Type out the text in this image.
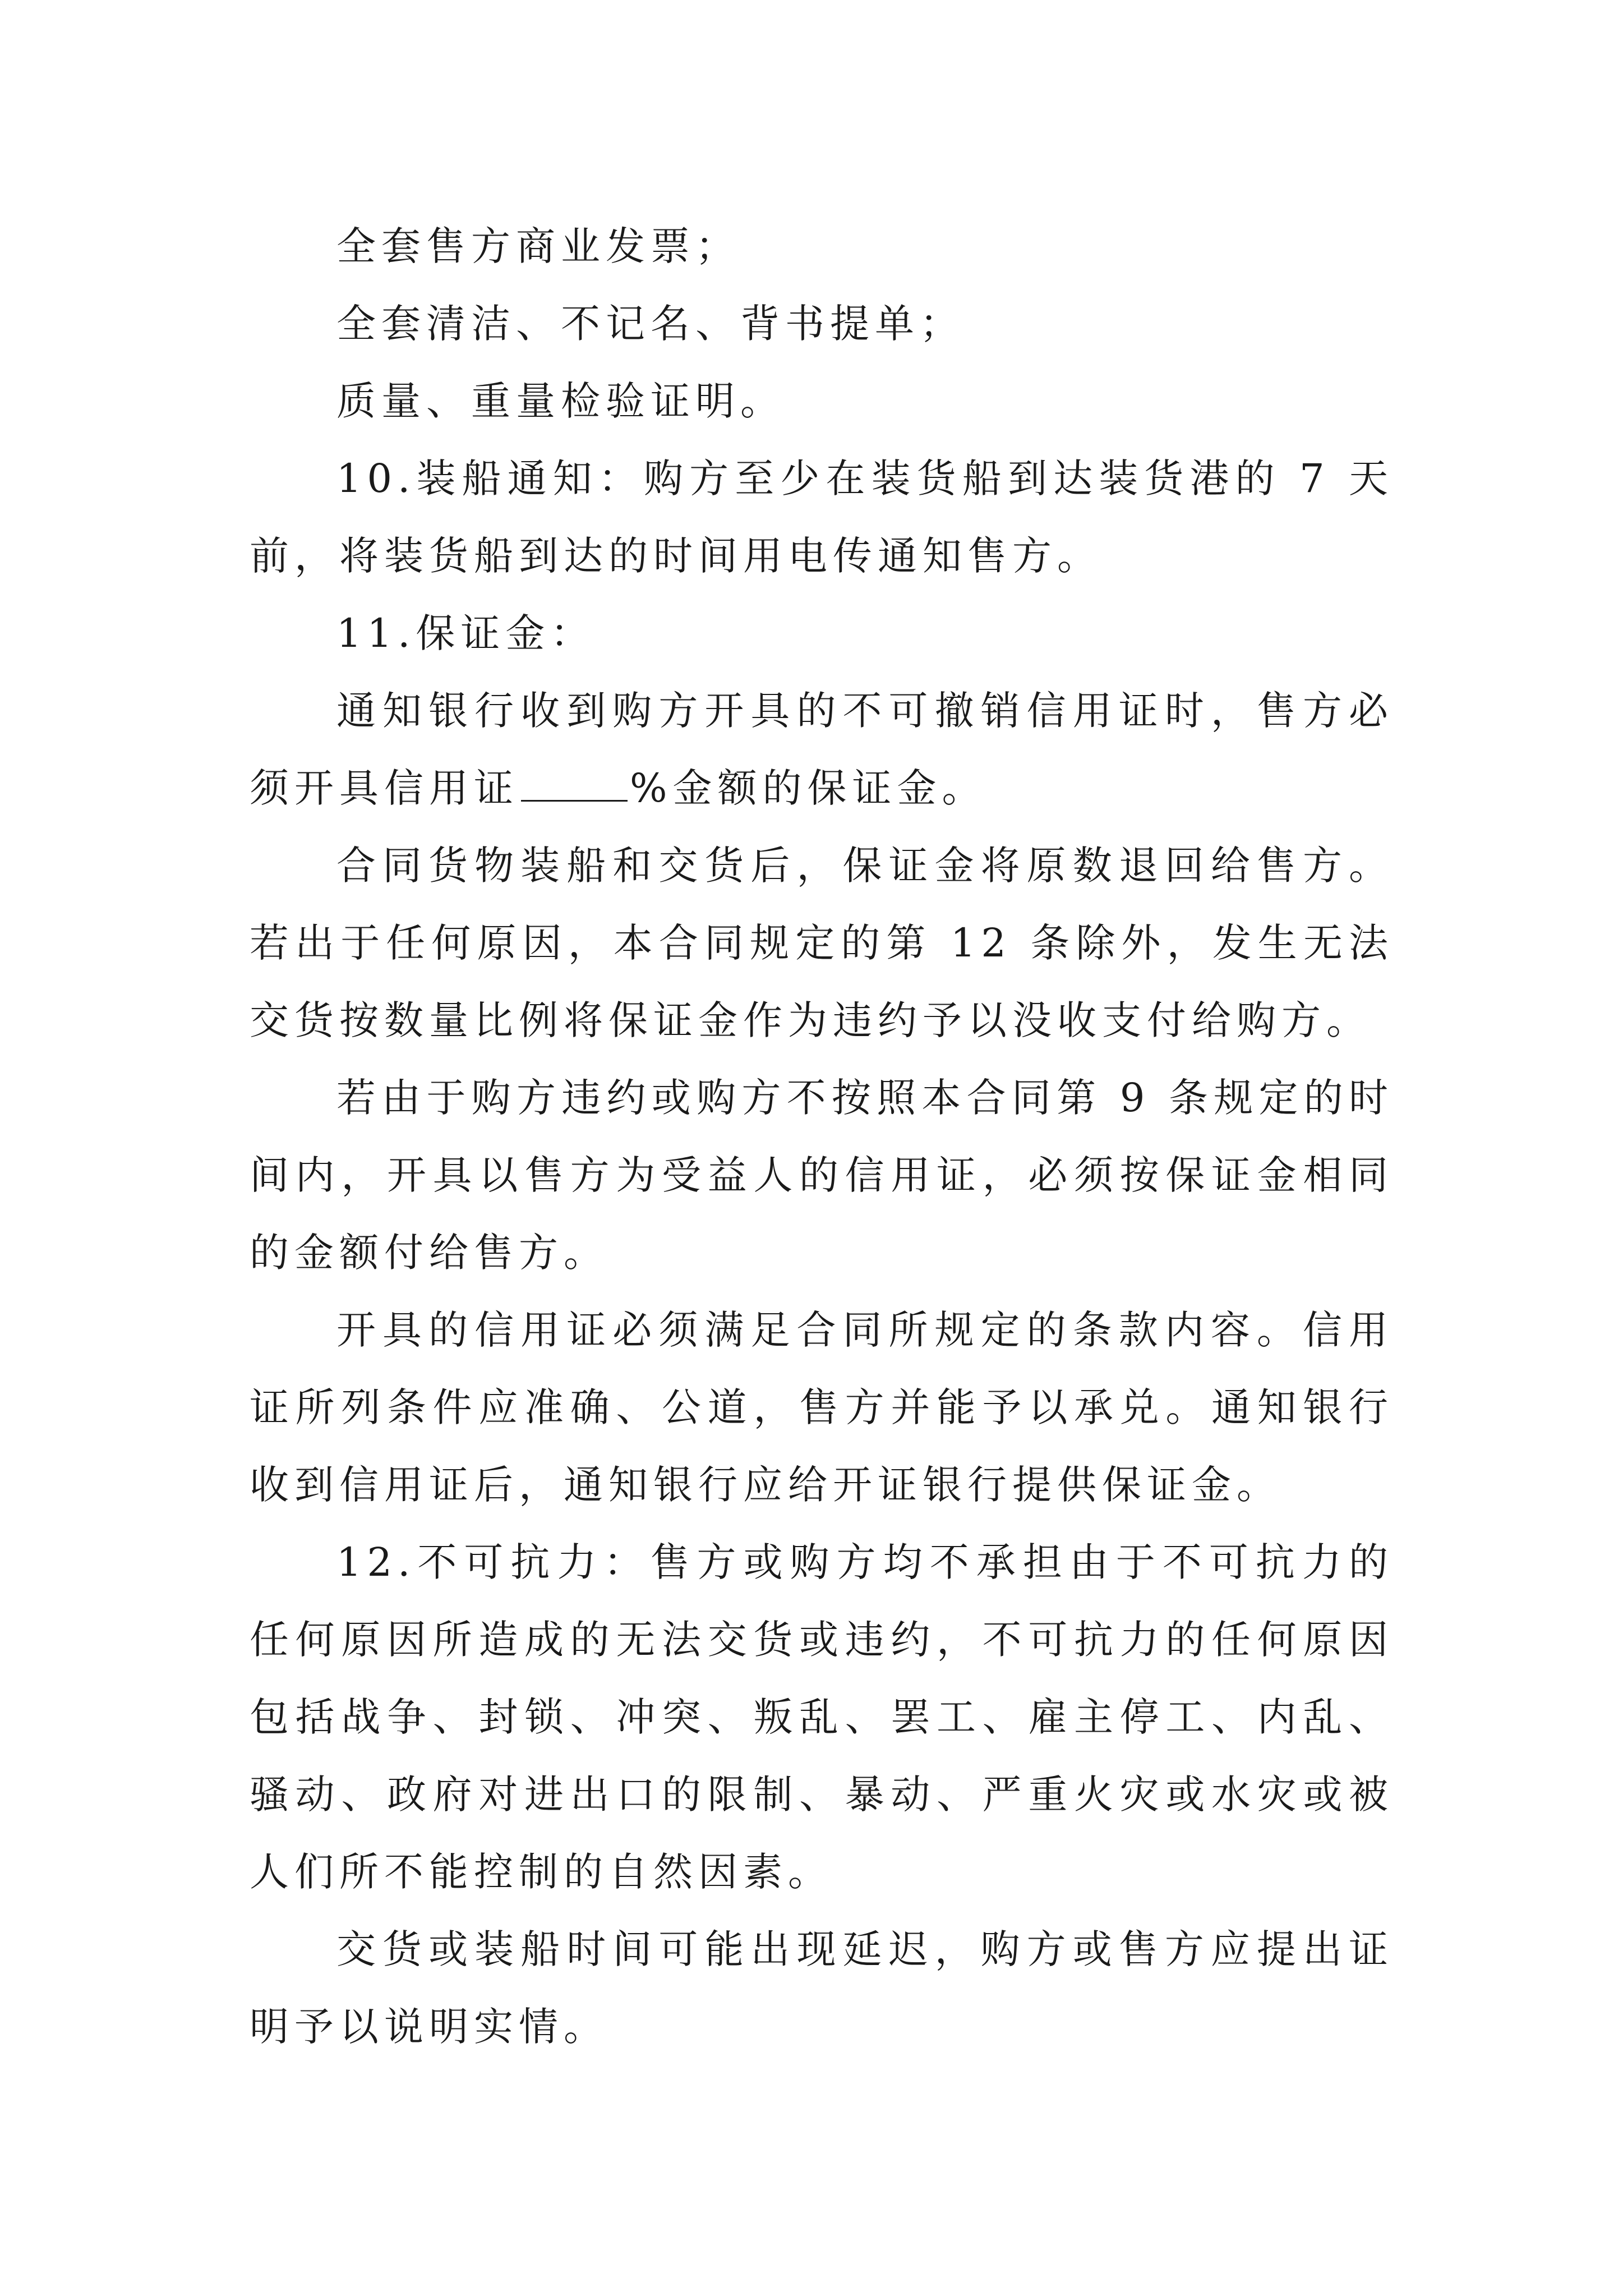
全套售方商业发票；

全套清洁、不记名、背书提单；

质量、重量检验证明。

10.装船通知：购方至少在装货船到达装货港的 7 天前，将装货船到达的时间用电传通知售方。

11.保证金：

通知银行收到购方开具的不可撤销信用证时，售方必须开具信用证	%金额的保证金。

合同货物装船和交货后，保证金将原数退回给售方。若出于任何原因，本合同规定的第 12 条除外，发生无法交货按数量比例将保证金作为违约予以没收支付给购方。

若由于购方违约或购方不按照本合同第 9 条规定的时间内，开具以售方为受益人的信用证，必须按保证金相同的金额付给售方。

开具的信用证必须满足合同所规定的条款内容。信用证所列条件应准确、公道，售方并能予以承兑。通知银行收到信用证后，通知银行应给开证银行提供保证金。

12.不可抗力：售方或购方均不承担由于不可抗力的任何原因所造成的无法交货或违约，不可抗力的任何原因包括战争、封锁、冲突、叛乱、罢工、雇主停工、内乱、骚动、政府对进出口的限制、暴动、严重火灾或水灾或被人们所不能控制的自然因素。

交货或装船时间可能出现延迟，购方或售方应提出证明予以说明实情。
